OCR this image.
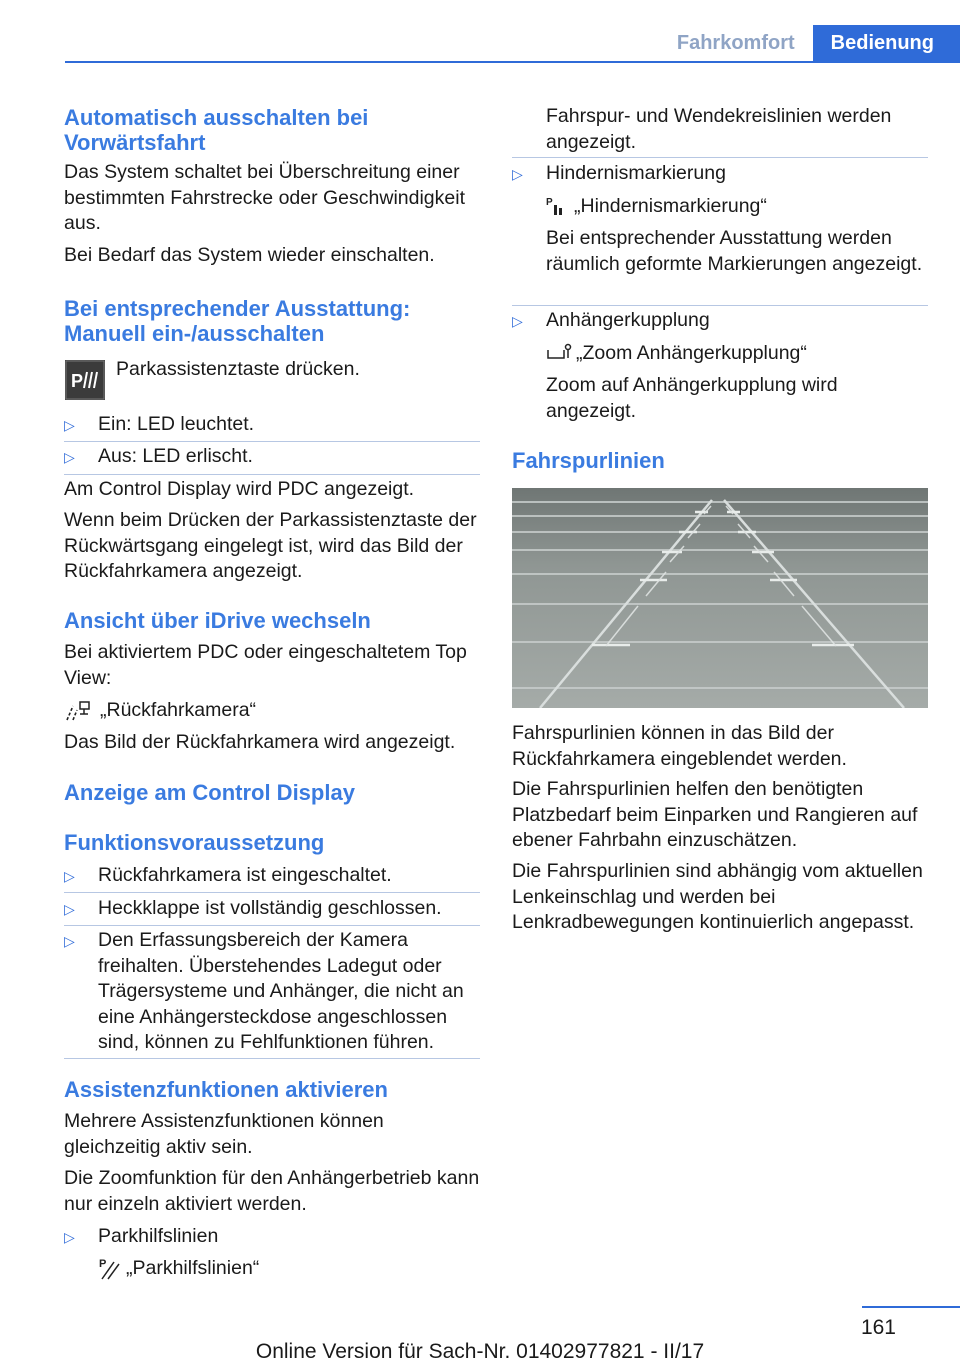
Fahrkomfort	Bedienung
Automatisch ausschalten bei Vorwärtsfahrt
Das System schaltet bei Überschreitung einer bestimmten Fahrstrecke oder Geschwindigkeit aus.
Bei Bedarf das System wieder einschalten.
Bei entsprechender Ausstattung: Manuell ein-/ausschalten
P
Parkassistenztaste drücken.
▷ Ein: LED leuchtet.
▷ Aus: LED erlischt.
Am Control Display wird PDC angezeigt.
Wenn beim Drücken der Parkassistenztaste der Rückwärtsgang eingelegt ist, wird das Bild der Rückfahrkamera angezeigt.
Ansicht über iDrive wechseln
Bei aktiviertem PDC oder eingeschaltetem Top View:
„Rückfahrkamera“
Das Bild der Rückfahrkamera wird angezeigt.
Anzeige am Control Display
Funktionsvoraussetzung
▷ Rückfahrkamera ist eingeschaltet.
▷ Heckklappe ist vollständig geschlossen.
▷ Den Erfassungsbereich der Kamera freihalten. Überstehendes Ladegut oder Trägersysteme und Anhänger, die nicht an eine Anhängersteckdose angeschlossen sind, können zu Fehlfunktionen führen.
Assistenzfunktionen aktivieren
Mehrere Assistenzfunktionen können gleichzeitig aktiv sein.
Die Zoomfunktion für den Anhängerbetrieb kann nur einzeln aktiviert werden.
▷ Parkhilfslinien
P „Parkhilfslinien“
Fahrspur- und Wendekreislinien werden angezeigt.
▷ Hindernismarkierung
P „Hindernismarkierung“
Bei entsprechender Ausstattung werden räumlich geformte Markierungen angezeigt.
▷ Anhängerkupplung
„Zoom Anhängerkupplung“
Zoom auf Anhängerkupplung wird angezeigt.
Fahrspurlinien
Fahrspurlinien können in das Bild der Rückfahrkamera eingeblendet werden.
Die Fahrspurlinien helfen den benötigten Platzbedarf beim Einparken und Rangieren auf ebener Fahrbahn einzuschätzen.
Die Fahrspurlinien sind abhängig vom aktuellen Lenkeinschlag und werden bei Lenkradbewegungen kontinuierlich angepasst.
161
Online Version für Sach-Nr. 01402977821 - II/17
